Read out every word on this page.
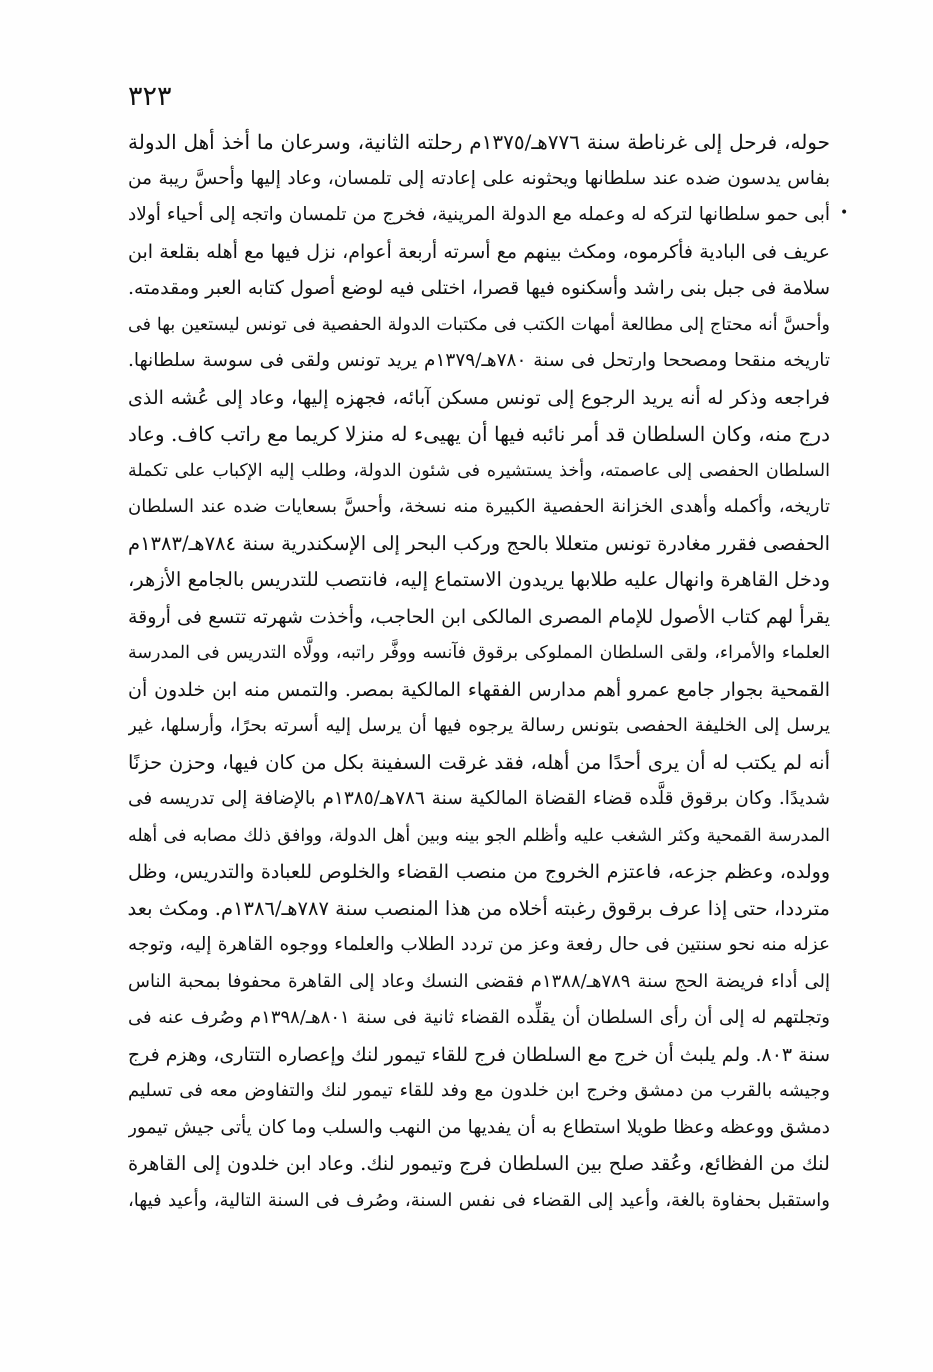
٣٢٣
•
حوله، فرحل إلى غرناطة سنة ٧٧٦هـ/١٣٧٥م رحلته الثانية، وسرعان ما أخذ أهل الدولة
بفاس يدسون ضده عند سلطانها ويحثونه على إعادته إلى تلمسان، وعاد إليها وأحسَّ ريبة من
أبى حمو سلطانها لتركه له وعمله مع الدولة المرينية، فخرج من تلمسان واتجه إلى أحياء أولاد
عريف فى البادية فأكرموه، ومكث بينهم مع أسرته أربعة أعوام، نزل فيها مع أهله بقلعة ابن
سلامة فى جبل بنى راشد وأسكنوه فيها قصرا، اختلى فيه لوضع أصول كتابه العبر ومقدمته.
وأحسَّ أنه محتاج إلى مطالعة أمهات الكتب فى مكتبات الدولة الحفصية فى تونس ليستعين بها فى
تاريخه منقحا ومصححا وارتحل فى سنة ٧٨٠هـ/١٣٧٩م يريد تونس ولقى فى سوسة سلطانها.
فراجعه وذكر له أنه يريد الرجوع إلى تونس مسكن آبائه، فجهزه إليها، وعاد إلى عُشه الذى
درج منه، وكان السلطان قد أمر نائبه فيها أن يهيىء له منزلا كريما مع راتب كاف. وعاد
السلطان الحفصى إلى عاصمته، وأخذ يستشيره فى شئون الدولة، وطلب إليه الإكباب على تكملة
تاريخه، وأكمله وأهدى الخزانة الحفصية الكبيرة منه نسخة، وأحسَّ بسعايات ضده عند السلطان
الحفصى فقرر مغادرة تونس متعللا بالحج وركب البحر إلى الإسكندرية سنة ٧٨٤هـ/١٣٨٣م
ودخل القاهرة وانهال عليه طلابها يريدون الاستماع إليه، فانتصب للتدريس بالجامع الأزهر،
يقرأ لهم كتاب الأصول للإمام المصرى المالكى ابن الحاجب، وأخذت شهرته تتسع فى أروقة
العلماء والأمراء، ولقى السلطان المملوكى برقوق فآنسه ووفَّر راتبه، وولَّاه التدريس فى المدرسة
القمحية بجوار جامع عمرو أهم مدارس الفقهاء المالكية بمصر. والتمس منه ابن خلدون أن
يرسل إلى الخليفة الحفصى بتونس رسالة يرجوه فيها أن يرسل إليه أسرته بحرًا، وأرسلها، غير
أنه لم يكتب له أن يرى أحدًا من أهله، فقد غرقت السفينة بكل من كان فيها، وحزن حزنًا
شديدًا. وكان برقوق قلَّده قضاء القضاة المالكية سنة ٧٨٦هـ/١٣٨٥م بالإضافة إلى تدريسه فى
المدرسة القمحية وكثر الشغب عليه وأظلم الجو بينه وبين أهل الدولة، ووافق ذلك مصابه فى أهله
وولده، وعظم جزعه، فاعتزم الخروج من منصب القضاء والخلوص للعبادة والتدريس، وظل
مترددا، حتى إذا عرف برقوق رغبته أخلاه من هذا المنصب سنة ٧٨٧هـ/١٣٨٦م. ومكث بعد
عزله منه نحو سنتين فى حال رفعة وعز من تردد الطلاب والعلماء ووجوه القاهرة إليه، وتوجه
إلى أداء فريضة الحج سنة ٧٨٩هـ/١٣٨٨م فقضى النسك وعاد إلى القاهرة محفوفا بمحبة الناس
وتجلتهم له إلى أن رأى السلطان أن يقلِّده القضاء ثانية فى سنة ٨٠١هـ/١٣٩٨م وصُرف عنه فى
سنة ٨٠٣. ولم يلبث أن خرج مع السلطان فرج للقاء تيمور لنك وإعصاره التتارى، وهزم فرج
وجيشه بالقرب من دمشق وخرج ابن خلدون مع وفد للقاء تيمور لنك والتفاوض معه فى تسليم
دمشق ووعظه وعظا طويلا استطاع به أن يفديها من النهب والسلب وما كان يأتى جيش تيمور
لنك من الفظائع، وعُقد صلح بين السلطان فرج وتيمور لنك. وعاد ابن خلدون إلى القاهرة
واستقبل بحفاوة بالغة، وأعيد إلى القضاء فى نفس السنة، وصُرف فى السنة التالية، وأعيد فيها،
